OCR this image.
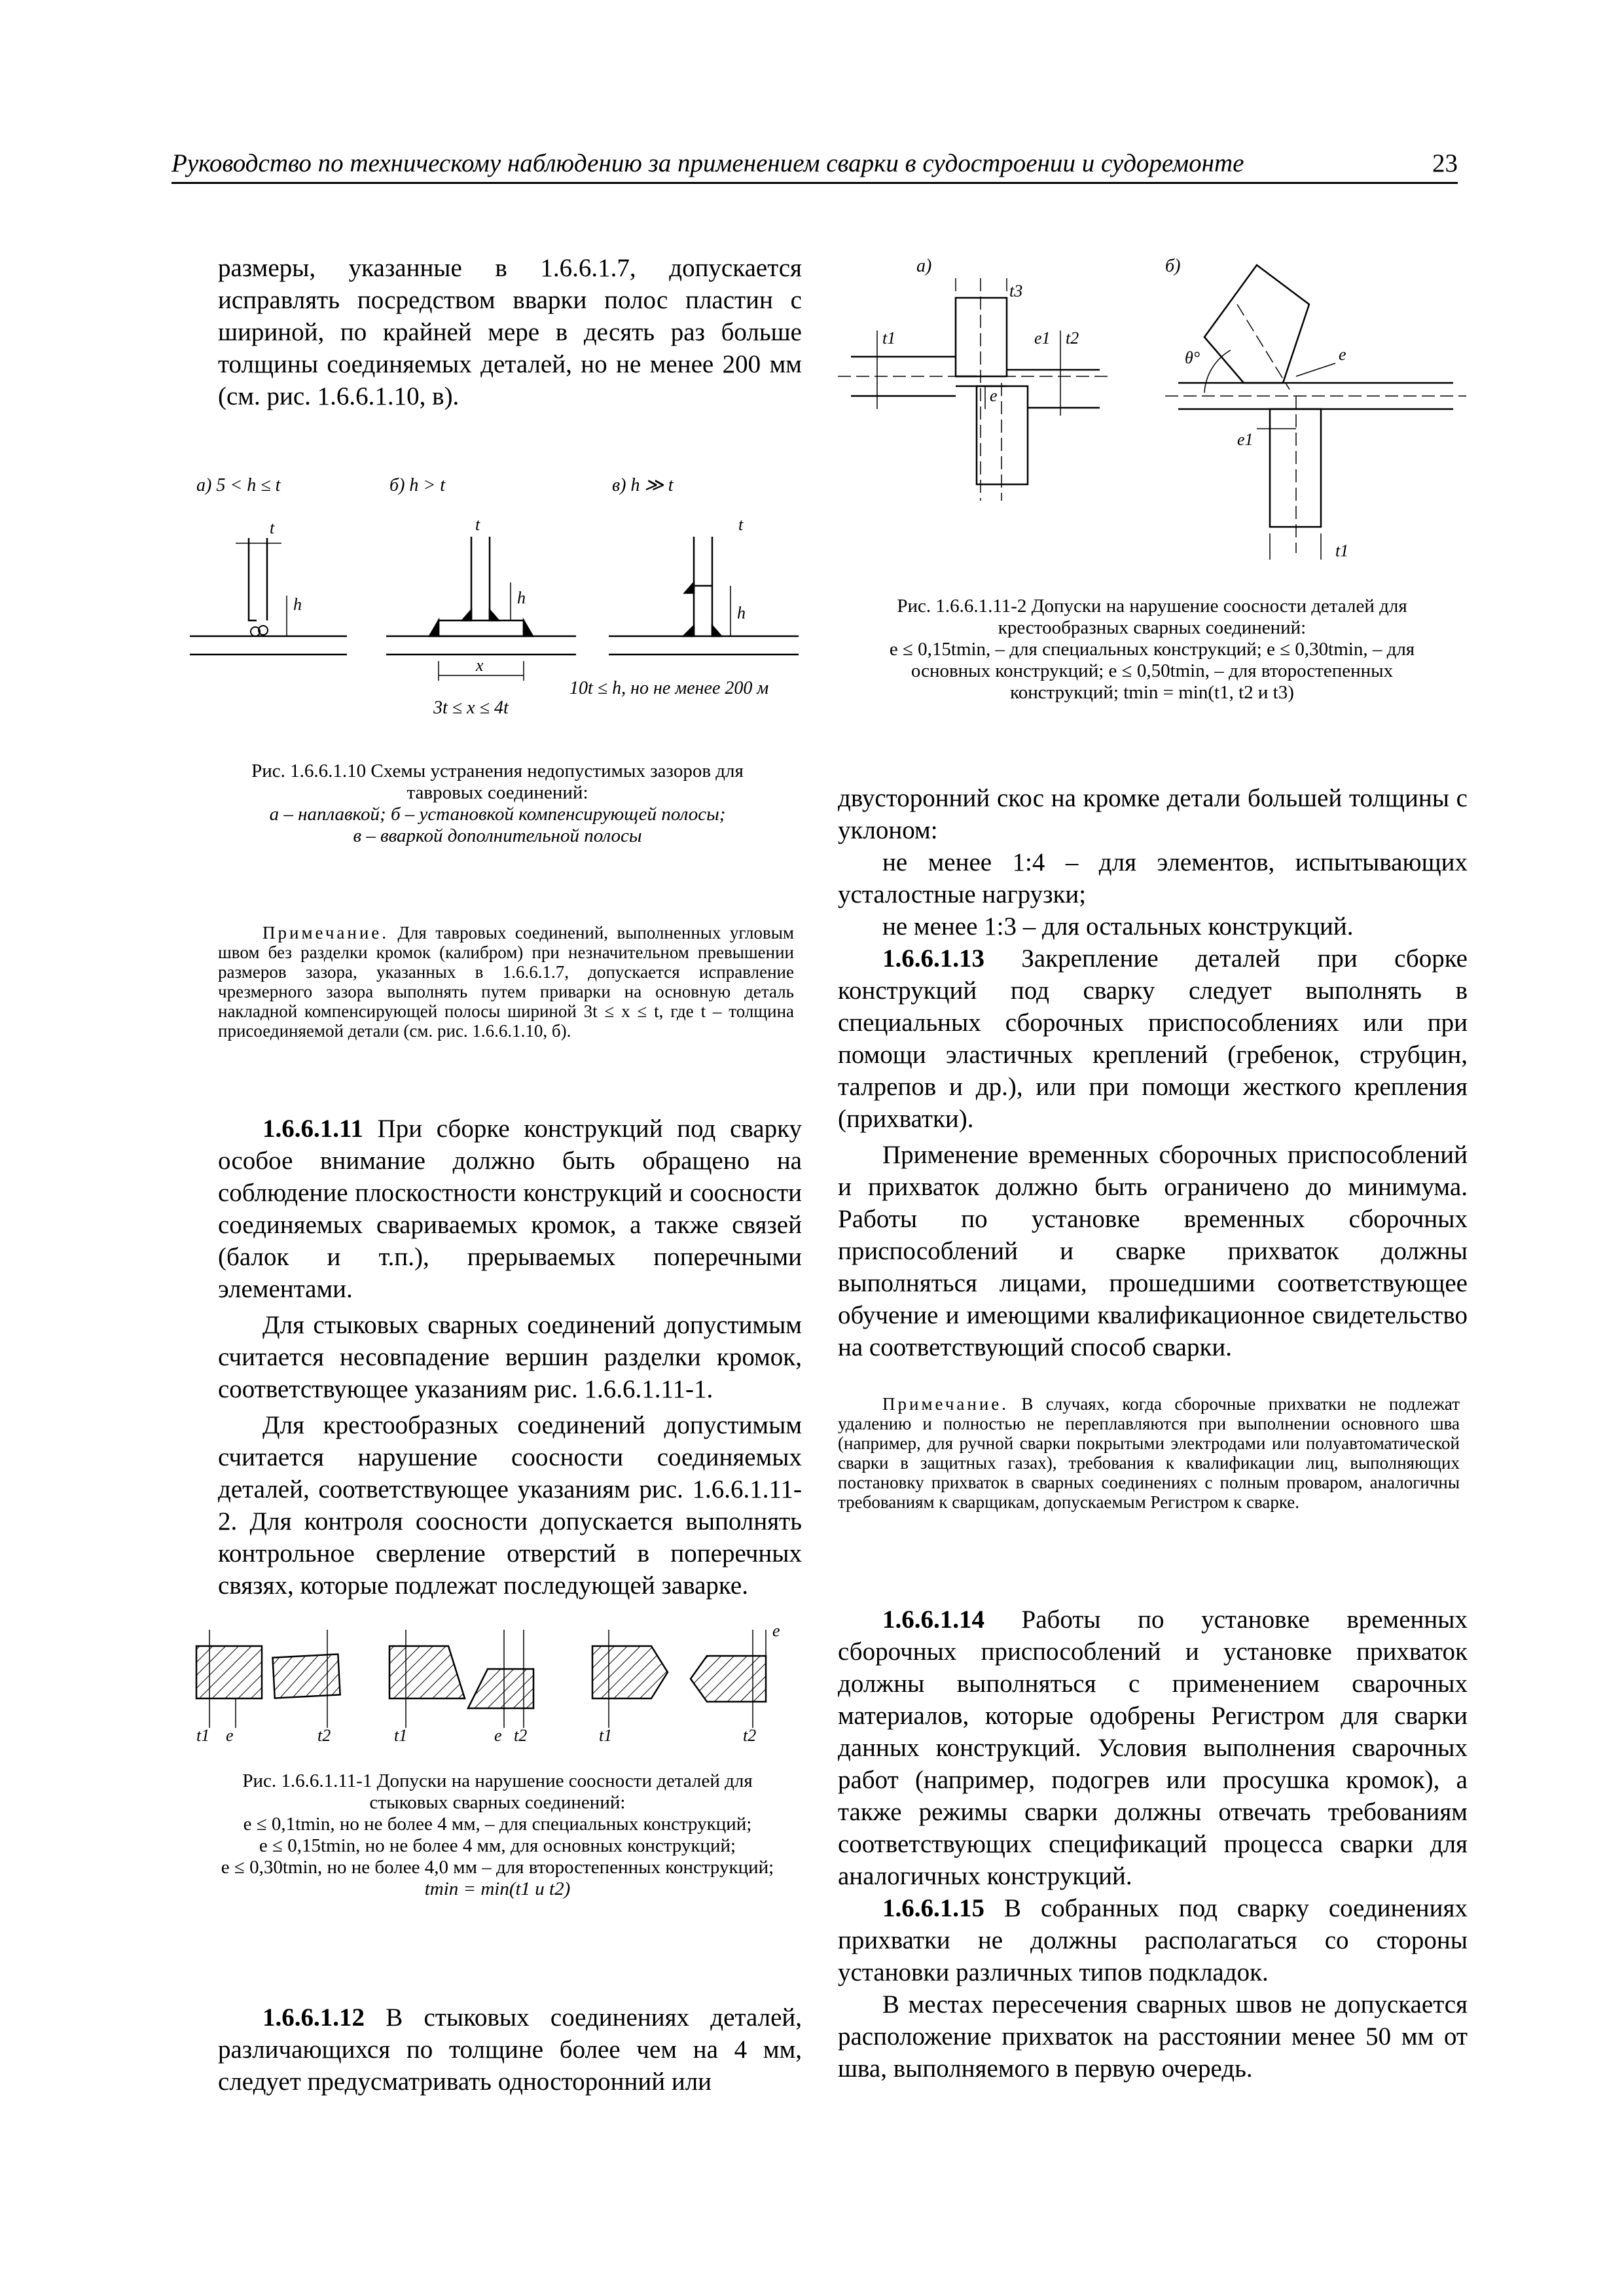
Руководство по техническому наблюдению за применением сварки в судостроении и судоремонте	23

размеры, указанные в 1.6.6.1.7, допускается исправлять посредством вварки полос пластин с шириной, по крайней мере в десять раз больше толщины соединяемых деталей, но не менее 200 мм (см. рис. 1.6.6.1.10, в).

а) 5 < h ≤ t	б) h > t	в) h ≫ t
t
h
t
h
x
3t ≤ x ≤ 4t
t
h
10t ≤ h, но не менее 200 м

Рис. 1.6.6.1.10 Схемы устранения недопустимых зазоров для

тавровых соединений:

а – наплавкой; б – установкой компенсирующей полосы;

в – вваркой дополнительной полосы

Примечание. Для тавровых соединений, выполненных угловым швом без разделки кромок (калибром) при незначительном превышении размеров зазора, указанных в 1.6.6.1.7, допускается исправление чрезмерного зазора выполнять путем приварки на основную деталь накладной компенсирующей полосы шириной 3t ≤ x ≤ t, где t – толщина присоединяемой детали (см. рис. 1.6.6.1.10, б).

1.6.6.1.11 При сборке конструкций под сварку особое внимание должно быть обращено на соблюдение плоскостности конструкций и соосности соединяемых свариваемых кромок, а также связей (балок и т.п.), прерываемых поперечными элементами.

Для стыковых сварных соединений допустимым считается несовпадение вершин разделки кромок, соответствующее указаниям рис. 1.6.6.1.11-1.

Для крестообразных соединений допустимым считается нарушение соосности соединяемых деталей, соответствующее указаниям рис. 1.6.6.1.11-2. Для контроля соосности допускается выполнять контрольное сверление отверстий в поперечных связях, которые подлежат последующей заварке.

t1 e	t2	t1	e t2	t1
e
t2

Рис. 1.6.6.1.11-1 Допуски на нарушение соосности деталей для

стыковых сварных соединений:

e ≤ 0,1tmin, но не более 4 мм, – для специальных конструкций;

e ≤ 0,15tmin, но не более 4 мм, для основных конструкций;

e ≤ 0,30tmin, но не более 4,0 мм – для второстепенных конструкций;

tmin = min(t1 и t2)

1.6.6.1.12 В стыковых соединениях деталей, различающихся по толщине более чем на 4 мм, следует предусматривать односторонний или

а)	б)
t1
t3
e1 t2
e
θ°	e
e1
t1

Рис. 1.6.6.1.11-2 Допуски на нарушение соосности деталей для

крестообразных сварных соединений:

e ≤ 0,15tmin, – для специальных конструкций; e ≤ 0,30tmin, – для

основных конструкций; e ≤ 0,50tmin, – для второстепенных

конструкций; tmin = min(t1, t2 и t3)

двусторонний скос на кромке детали большей толщины с уклоном:

не менее 1:4 – для элементов, испытывающих усталостные нагрузки;

не менее 1:3 – для остальных конструкций.

1.6.6.1.13 Закрепление деталей при сборке конструкций под сварку следует выполнять в специальных сборочных приспособлениях или при помощи эластичных креплений (гребенок, струбцин, талрепов и др.), или при помощи жесткого крепления (прихватки).

Применение временных сборочных приспособлений и прихваток должно быть ограничено до минимума. Работы по установке временных сборочных приспособлений и сварке прихваток должны выполняться лицами, прошедшими соответствующее обучение и имеющими квалификационное свидетельство на соответствующий способ сварки.

Примечание. В случаях, когда сборочные прихватки не подлежат удалению и полностью не переплавляются при выполнении основного шва (например, для ручной сварки покрытыми электродами или полуавтоматической сварки в защитных газах), требования к квалификации лиц, выполняющих постановку прихваток в сварных соединениях с полным проваром, аналогичны требованиям к сварщикам, допускаемым Регистром к сварке.

1.6.6.1.14 Работы по установке временных сборочных приспособлений и установке прихваток должны выполняться с применением сварочных материалов, которые одобрены Регистром для сварки данных конструкций. Условия выполнения сварочных работ (например, подогрев или просушка кромок), а также режимы сварки должны отвечать требованиям соответствующих спецификаций процесса сварки для аналогичных конструкций.

1.6.6.1.15 В собранных под сварку соединениях прихватки не должны располагаться со стороны установки различных типов подкладок.

В местах пересечения сварных швов не допускается расположение прихваток на расстоянии менее 50 мм от шва, выполняемого в первую очередь.
